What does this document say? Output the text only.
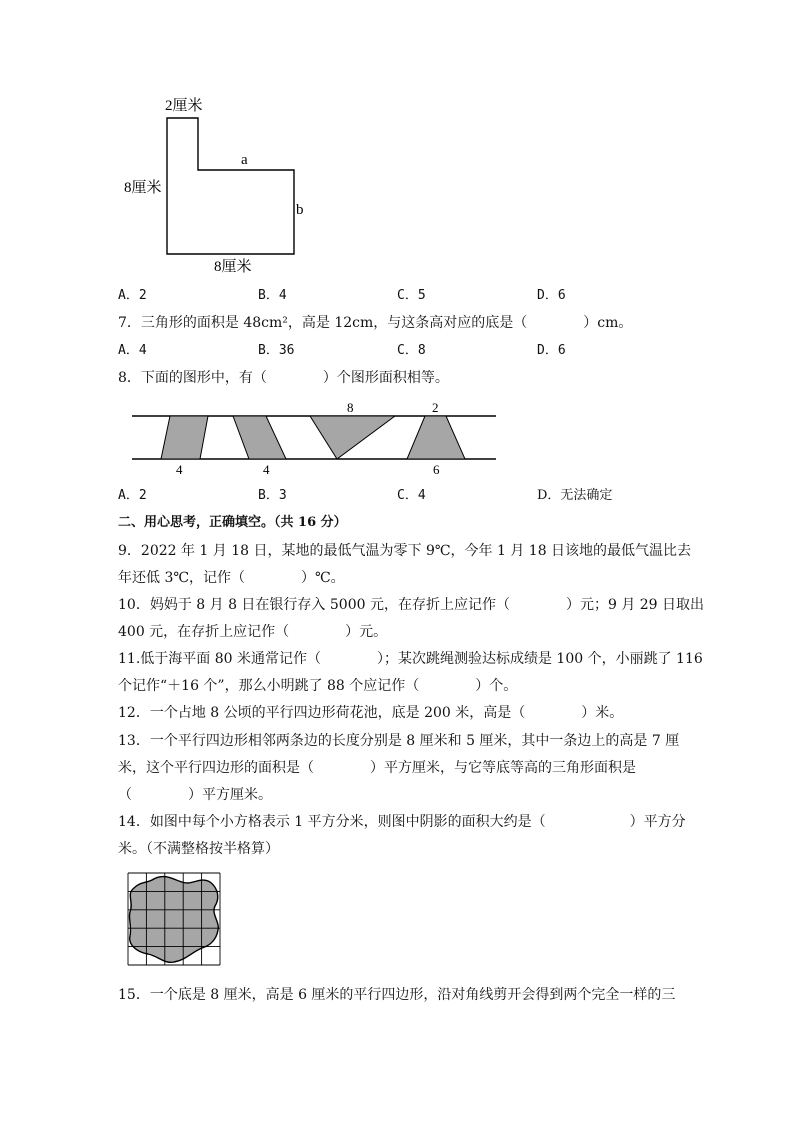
2厘米
8厘米
a
b
8厘米
A．2	B．4	C．5	D．6
7．三角形的面积是 48cm²，高是 12cm，与这条高对应的底是（　　　　）cm。
A．4	B．36	C．8	D．6
8．下面的图形中，有（　　　　）个图形面积相等。
4	4
8	2
6
A．2	B．3	C．4	D．无法确定
二、用心思考，正确填空。（共 16 分）
9．2022 年 1 月 18 日，某地的最低气温为零下 9℃，今年 1 月 18 日该地的最低气温比去
年还低 3℃，记作（　　　　）℃。
10．妈妈于 8 月 8 日在银行存入 5000 元，在存折上应记作（　　　　）元；9 月 29 日取出
400 元，在存折上应记作（　　　　）元。
11.低于海平面 80 米通常记作（　　　　）；某次跳绳测验达标成绩是 100 个，小丽跳了 116
个记作“＋16 个”，那么小明跳了 88 个应记作（　　　　）个。
12．一个占地 8 公顷的平行四边形荷花池，底是 200 米，高是（　　　　）米。
13．一个平行四边形相邻两条边的长度分别是 8 厘米和 5 厘米，其中一条边上的高是 7 厘
米，这个平行四边形的面积是（　　　　）平方厘米，与它等底等高的三角形面积是
（　　　　）平方厘米。
14．如图中每个小方格表示 1 平方分米，则图中阴影的面积大约是（　　　　　　）平方分
米。（不满整格按半格算）
15．一个底是 8 厘米，高是 6 厘米的平行四边形，沿对角线剪开会得到两个完全一样的三
